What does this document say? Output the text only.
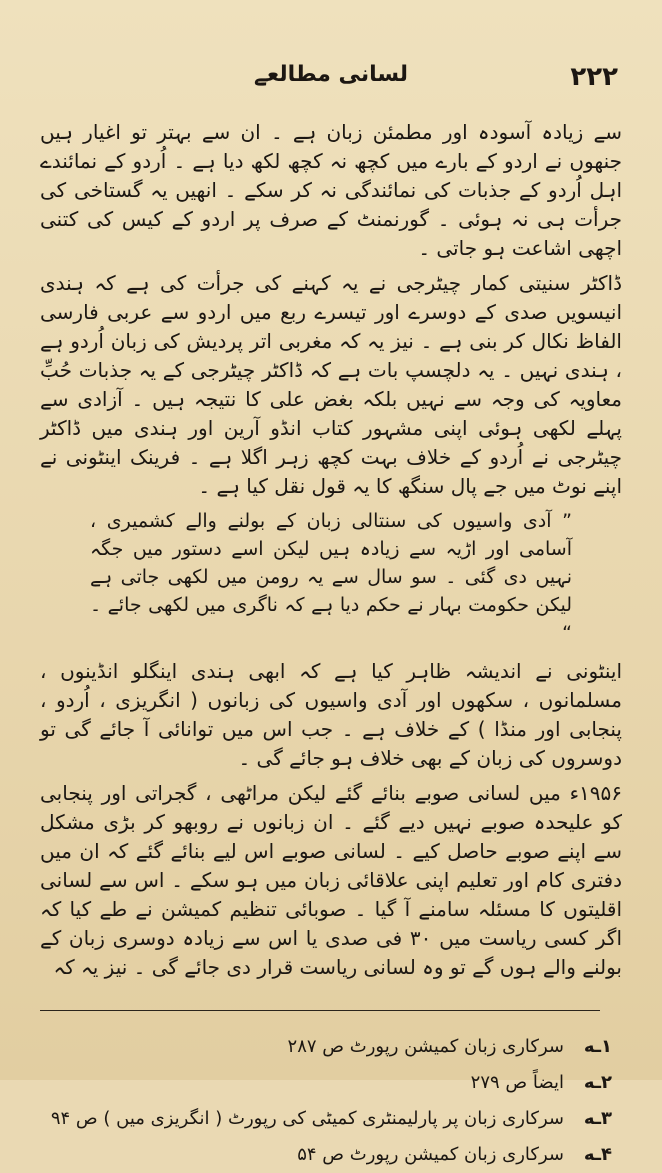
۲۲۲
لسانی مطالعے

سے زیادہ آسودہ اور مطمئن زبان ہے ۔ ان سے بہتر تو اغیار ہیں جنھوں نے اردو کے بارے میں کچھ نہ کچھ لکھ دیا ہے ۔ اُردو کے نمائندے اہل اُردو کے جذبات کی نمائندگی نہ کر سکے ۔ انھیں یہ گستاخی کی جرأت ہی نہ ہوئی ۔ گورنمنٹ کے صرف پر اردو کے کیس کی کتنی اچھی اشاعت ہو جاتی ۔

ڈاکٹر سنیتی کمار چیٹرجی نے یہ کہنے کی جرأت کی ہے کہ ہندی انیسویں صدی کے دوسرے اور تیسرے ربع میں اردو سے عربی فارسی الفاظ نکال کر بنی ہے ۔ نیز یہ کہ مغربی اتر پردیش کی زبان اُردو ہے ، ہندی نہیں ۔ یہ دلچسپ بات ہے کہ ڈاکٹر چیٹرجی کے یہ جذبات حُبِّ معاویہ کی وجہ سے نہیں بلکہ بغض علی کا نتیجہ ہیں ۔ آزادی سے پہلے لکھی ہوئی اپنی مشہور کتاب انڈو آرین اور ہندی میں ڈاکٹر چیٹرجی نے اُردو کے خلاف بہت کچھ زہر اگلا ہے ۔ فرینک اینٹونی نے اپنے نوٹ میں جے پال سنگھ کا یہ قول نقل کیا ہے ۔

” آدی واسیوں کی سنتالی زبان کے بولنے والے کشمیری ، آسامی اور اڑیہ سے زیادہ ہیں لیکن اسے دستور میں جگہ نہیں دی گئی ۔ سو سال سے یہ رومن میں لکھی جاتی ہے لیکن حکومت بہار نے حکم دیا ہے کہ ناگری میں لکھی جائے ۔ “

اینٹونی نے اندیشہ ظاہر کیا ہے کہ ابھی ہندی اینگلو انڈینوں ، مسلمانوں ، سکھوں اور آدی واسیوں کی زبانوں ( انگریزی ، اُردو ، پنجابی اور منڈا ) کے خلاف ہے ۔ جب اس میں توانائی آ جائے گی تو دوسروں کی زبان کے بھی خلاف ہو جائے گی ۔

۱۹۵۶ء میں لسانی صوبے بنائے گئے لیکن مراٹھی ، گجراتی اور پنجابی کو علیحدہ صوبے نہیں دیے گئے ۔ ان زبانوں نے روبھو کر بڑی مشکل سے اپنے صوبے حاصل کیے ۔ لسانی صوبے اس لیے بنائے گئے کہ ان میں دفتری کام اور تعلیم اپنی علاقائی زبان میں ہو سکے ۔ اس سے لسانی اقلیتوں کا مسئلہ سامنے آ گیا ۔ صوبائی تنظیم کمیشن نے طے کیا کہ اگر کسی ریاست میں ۳۰ فی صدی یا اس سے زیادہ دوسری زبان کے بولنے والے ہوں گے تو وہ لسانی ریاست قرار دی جائے گی ۔ نیز یہ کہ

۱ـه
سرکاری زبان کمیشن رپورٹ ص ۲۸۷
۲ـه
ایضاً ص ۲۷۹
۳ـه
سرکاری زبان پر پارلیمنٹری کمیٹی کی رپورٹ ( انگریزی میں ) ص ۹۴
۴ـه
سرکاری زبان کمیشن رپورٹ ص ۵۴
